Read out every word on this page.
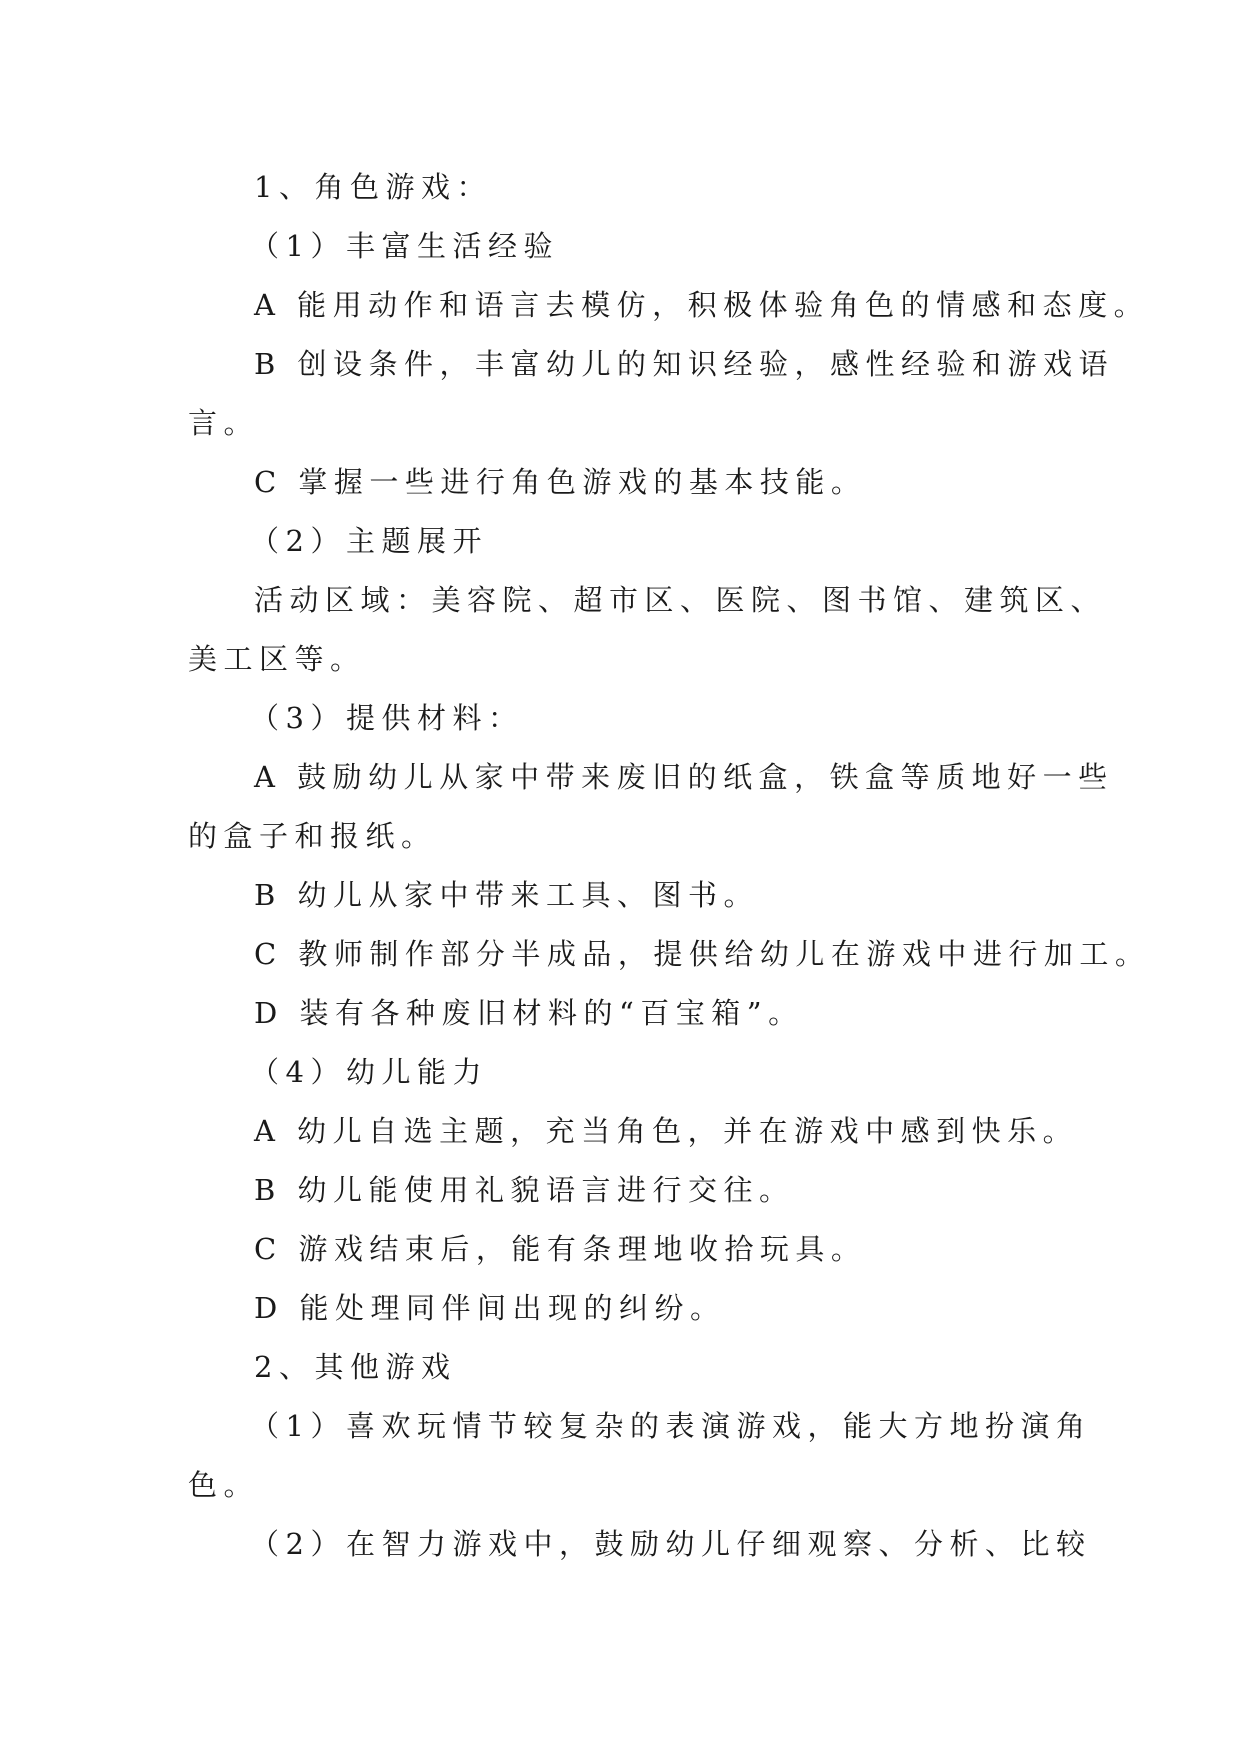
1、角色游戏：

（1）丰富生活经验

A 能用动作和语言去模仿，积极体验角色的情感和态度。

B 创设条件，丰富幼儿的知识经验，感性经验和游戏语

言。

C 掌握一些进行角色游戏的基本技能。

（2）主题展开

活动区域：美容院、超市区、医院、图书馆、建筑区、

美工区等。

（3）提供材料：

A 鼓励幼儿从家中带来废旧的纸盒，铁盒等质地好一些

的盒子和报纸。

B 幼儿从家中带来工具、图书。

C 教师制作部分半成品，提供给幼儿在游戏中进行加工。

D 装有各种废旧材料的“百宝箱”。

（4）幼儿能力

A 幼儿自选主题，充当角色，并在游戏中感到快乐。

B 幼儿能使用礼貌语言进行交往。

C 游戏结束后，能有条理地收拾玩具。

D 能处理同伴间出现的纠纷。

2、其他游戏

（1）喜欢玩情节较复杂的表演游戏，能大方地扮演角

色。

（2）在智力游戏中，鼓励幼儿仔细观察、分析、比较
